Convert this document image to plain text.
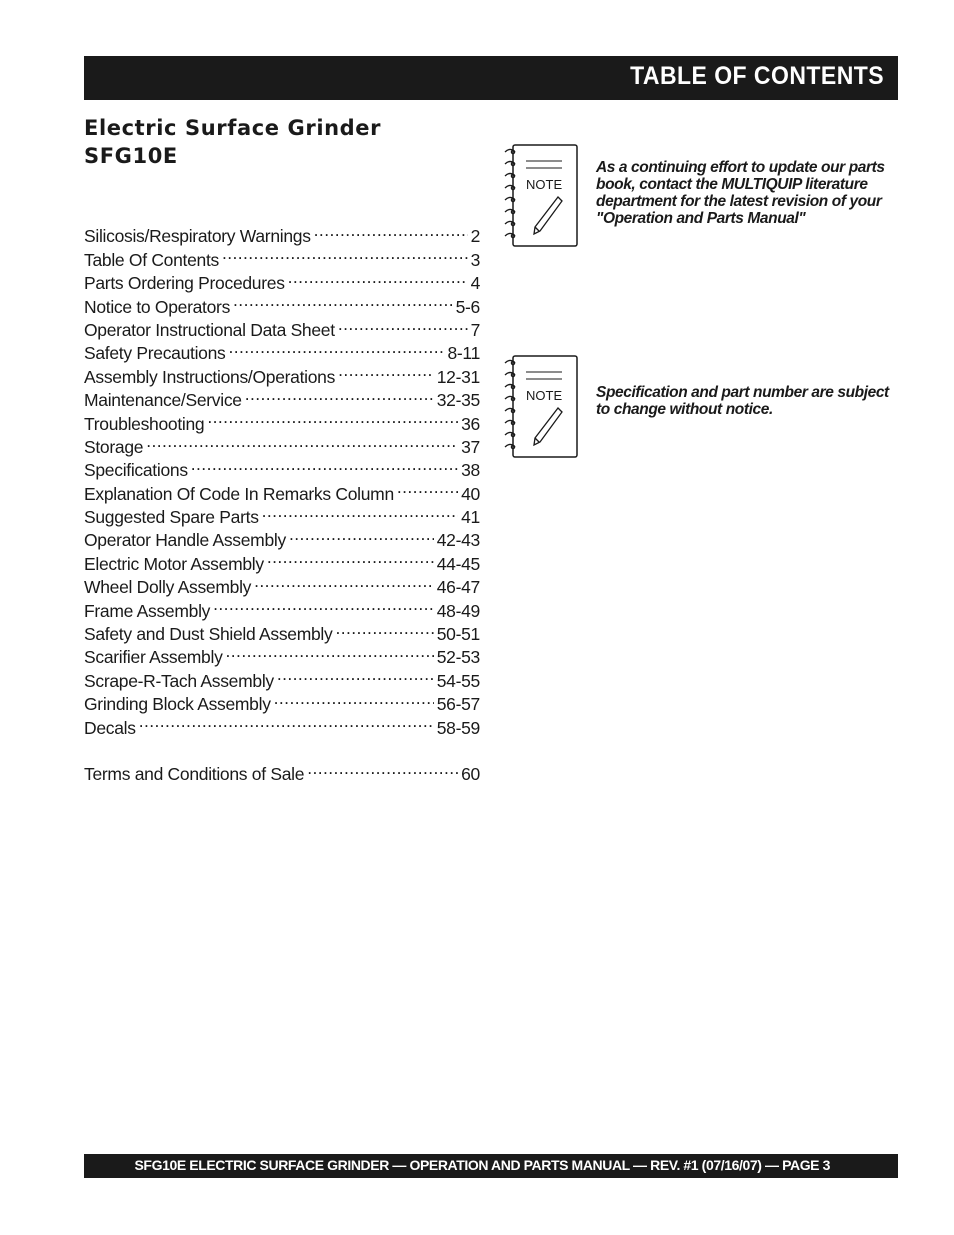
TABLE OF CONTENTS
Electric Surface Grinder
SFG10E
Silicosis/Respiratory Warnings .....	2
Table Of Contents .....	3
Parts Ordering Procedures .....	4
Notice to Operators .....	5-6
Operator Instructional Data Sheet .....	7
Safety Precautions .....	8-11
Assembly Instructions/Operations .....	12-31
Maintenance/Service .....	32-35
Troubleshooting .....	36
Storage .....	37
Specifications .....	38
Explanation Of Code In Remarks Column .....	40
Suggested Spare Parts .....	41
Operator Handle Assembly .....	42-43
Electric Motor Assembly .....	44-45
Wheel Dolly Assembly .....	46-47
Frame Assembly .....	48-49
Safety and Dust Shield Assembly .....	50-51
Scarifier Assembly .....	52-53
Scrape-R-Tach Assembly .....	54-55
Grinding Block Assembly .....	56-57
Decals .....	58-59
Terms and Conditions of Sale .....	60
NOTE
As a continuing effort to update our parts book, contact the MULTIQUIP literature department for the latest revision of your "Operation and Parts Manual"
NOTE Specification and part number are subject to change without notice.
SFG10E ELECTRIC SURFACE GRINDER — OPERATION AND PARTS MANUAL — REV. #1 (07/16/07) — PAGE 3
